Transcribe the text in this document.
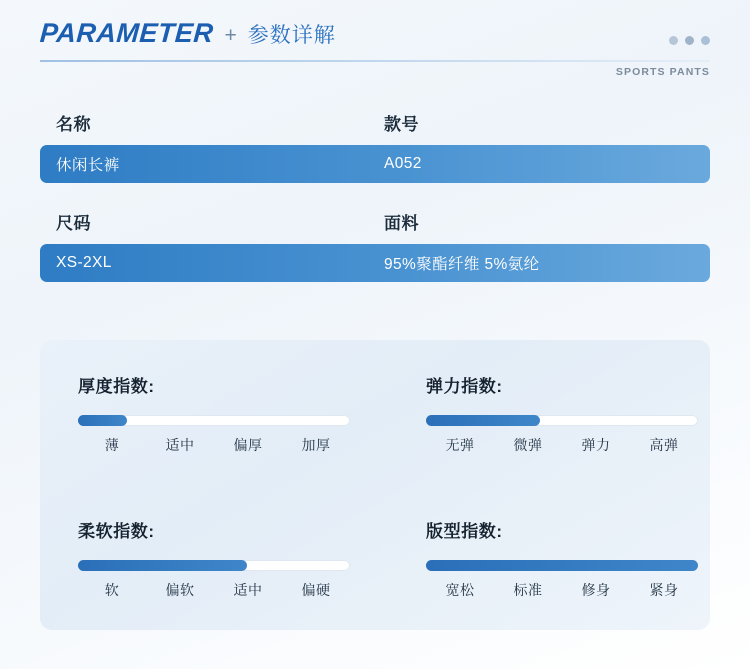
PARAMETER + 参数详解
SPORTS PANTS
名称	款号
休闲长裤	A052
尺码	面料
XS-2XL	95%聚酯纤维 5%氨纶
厚度指数:
薄	适中	偏厚	加厚
弹力指数:
无弹	微弹	弹力	高弹
柔软指数:
软	偏软	适中	偏硬
版型指数:
宽松	标准	修身	紧身
